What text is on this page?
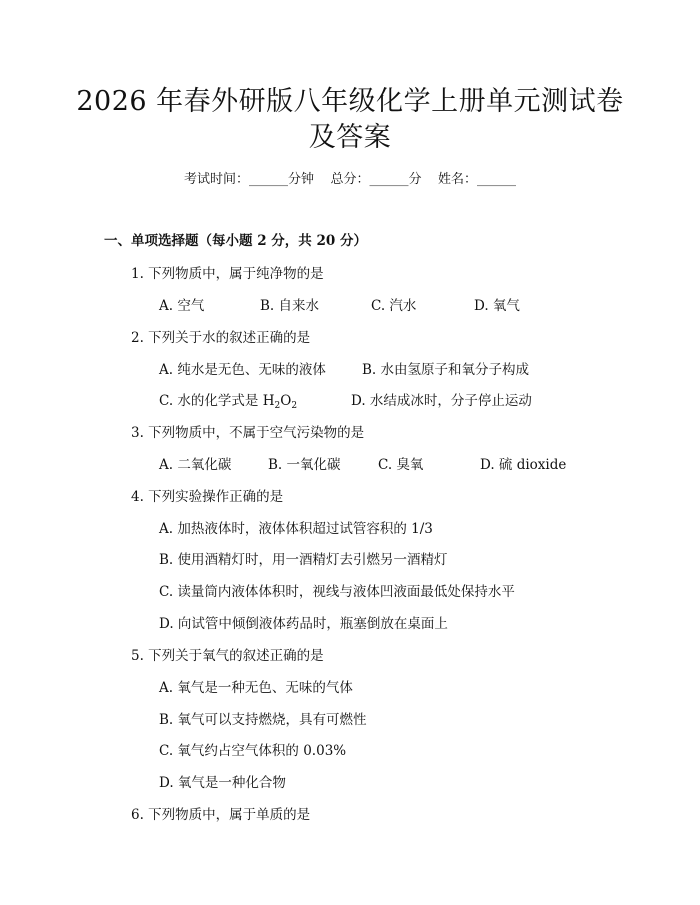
2026 年春外研版八年级化学上册单元测试卷
及答案
考试时间：______分钟    总分：______分    姓名：______
一、单项选择题（每小题 2 分，共 20 分）
1. 下列物质中，属于纯净物的是
A. 空气	B. 自来水	C. 汽水	D. 氧气
2. 下列关于水的叙述正确的是
A. 纯水是无色、无味的液体	B. 水由氢原子和氧分子构成
C. 水的化学式是 $H_2O_2$	D. 水结成冰时，分子停止运动
3. 下列物质中，不属于空气污染物的是
A. 二氧化碳	B. 一氧化碳	C. 臭氧	D. 硫 dioxide
4. 下列实验操作正确的是
A. 加热液体时，液体体积超过试管容积的 1/3
B. 使用酒精灯时，用一酒精灯去引燃另一酒精灯
C. 读量筒内液体体积时，视线与液体凹液面最低处保持水平
D. 向试管中倾倒液体药品时，瓶塞倒放在桌面上
5. 下列关于氧气的叙述正确的是
A. 氧气是一种无色、无味的气体
B. 氧气可以支持燃烧，具有可燃性
C. 氧气约占空气体积的 0.03%
D. 氧气是一种化合物
6. 下列物质中，属于单质的是
